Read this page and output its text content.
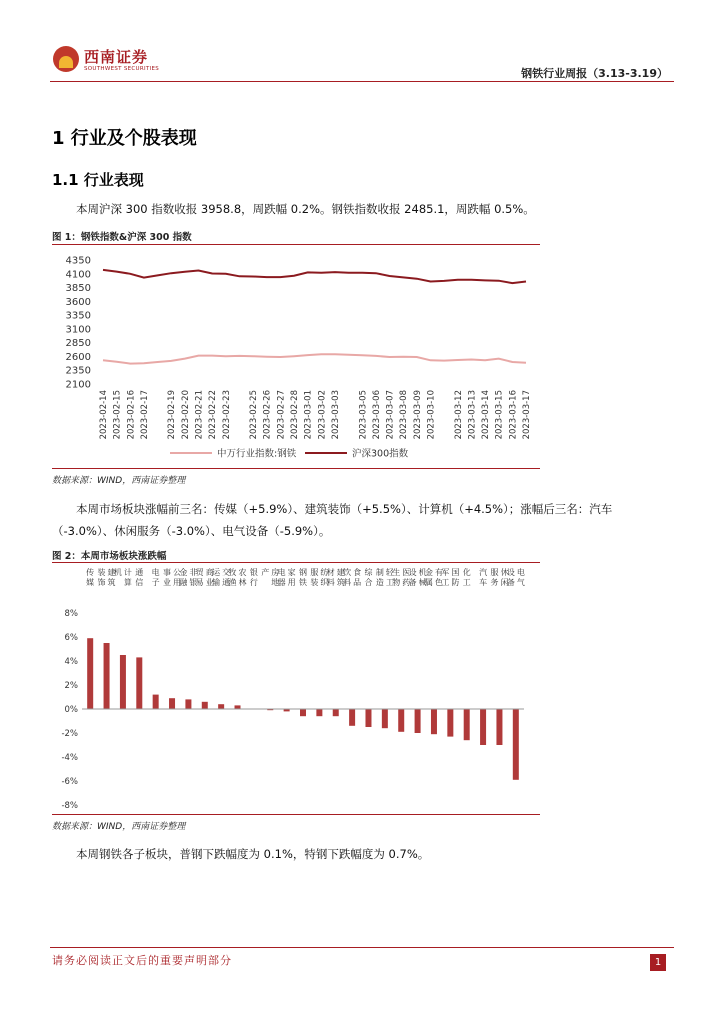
西南证券
SOUTHWEST SECURITIES	钢铁行业周报（3.13-3.19）
1 行业及个股表现
1.1 行业表现
本周沪深 300 指数收报 3958.8，周跌幅 0.2%。钢铁指数收报 2485.1，周跌幅 0.5%。
图 1：钢铁指数&沪深 300 指数
2100
2350
2600
2850
3100
3350
3600
3850
4100
4350
2023-02-14 2023-02-15 2023-02-16 2023-02-17 2023-02-19 2023-02-20 2023-02-21 2023-02-22 2023-02-23 2023-02-25 2023-02-26 2023-02-27 2023-02-28 2023-03-01 2023-03-02 2023-03-03 2023-03-05 2023-03-06 2023-03-07 2023-03-08 2023-03-09 2023-03-10 2023-03-12 2023-03-13 2023-03-14 2023-03-15 2023-03-16 2023-03-17
中万行业指数:钢铁	沪深300指数
数据来源：WIND，西南证券整理
本周市场板块涨幅前三名：传媒（+5.9%）、建筑装饰（+5.5%）、计算机（+4.5%）；涨幅后三名：汽车（-3.0%）、休闲服务（-3.0%）、电气设备（-5.9%）。
图 2：本周市场板块涨跌幅
传
媒
建
筑
装
饰
计
算
机 通
信
电
子
公
用
事
业
非
银
金
融
商
业
贸
易
交
通
运
输
农
林
牧
渔
银
行
房
地
产 家
用
电
器
钢
铁
纺
织
服
装
建
筑
材
料
食
品
饮
料
综
合
轻
工
制
造
医
药
生
物
机
械
设
备
有
色
金
属
国
防
军
工
化
工
汽
车
休
闲
服
务
电
气
设
备
8%
6%
4%
2%
0%
-2%
-4%
-6%
-8%
数据来源：WIND，西南证券整理
本周钢铁各子板块，普钢下跌幅度为 0.1%，特钢下跌幅度为 0.7%。
请务必阅读正文后的重要声明部分	1
